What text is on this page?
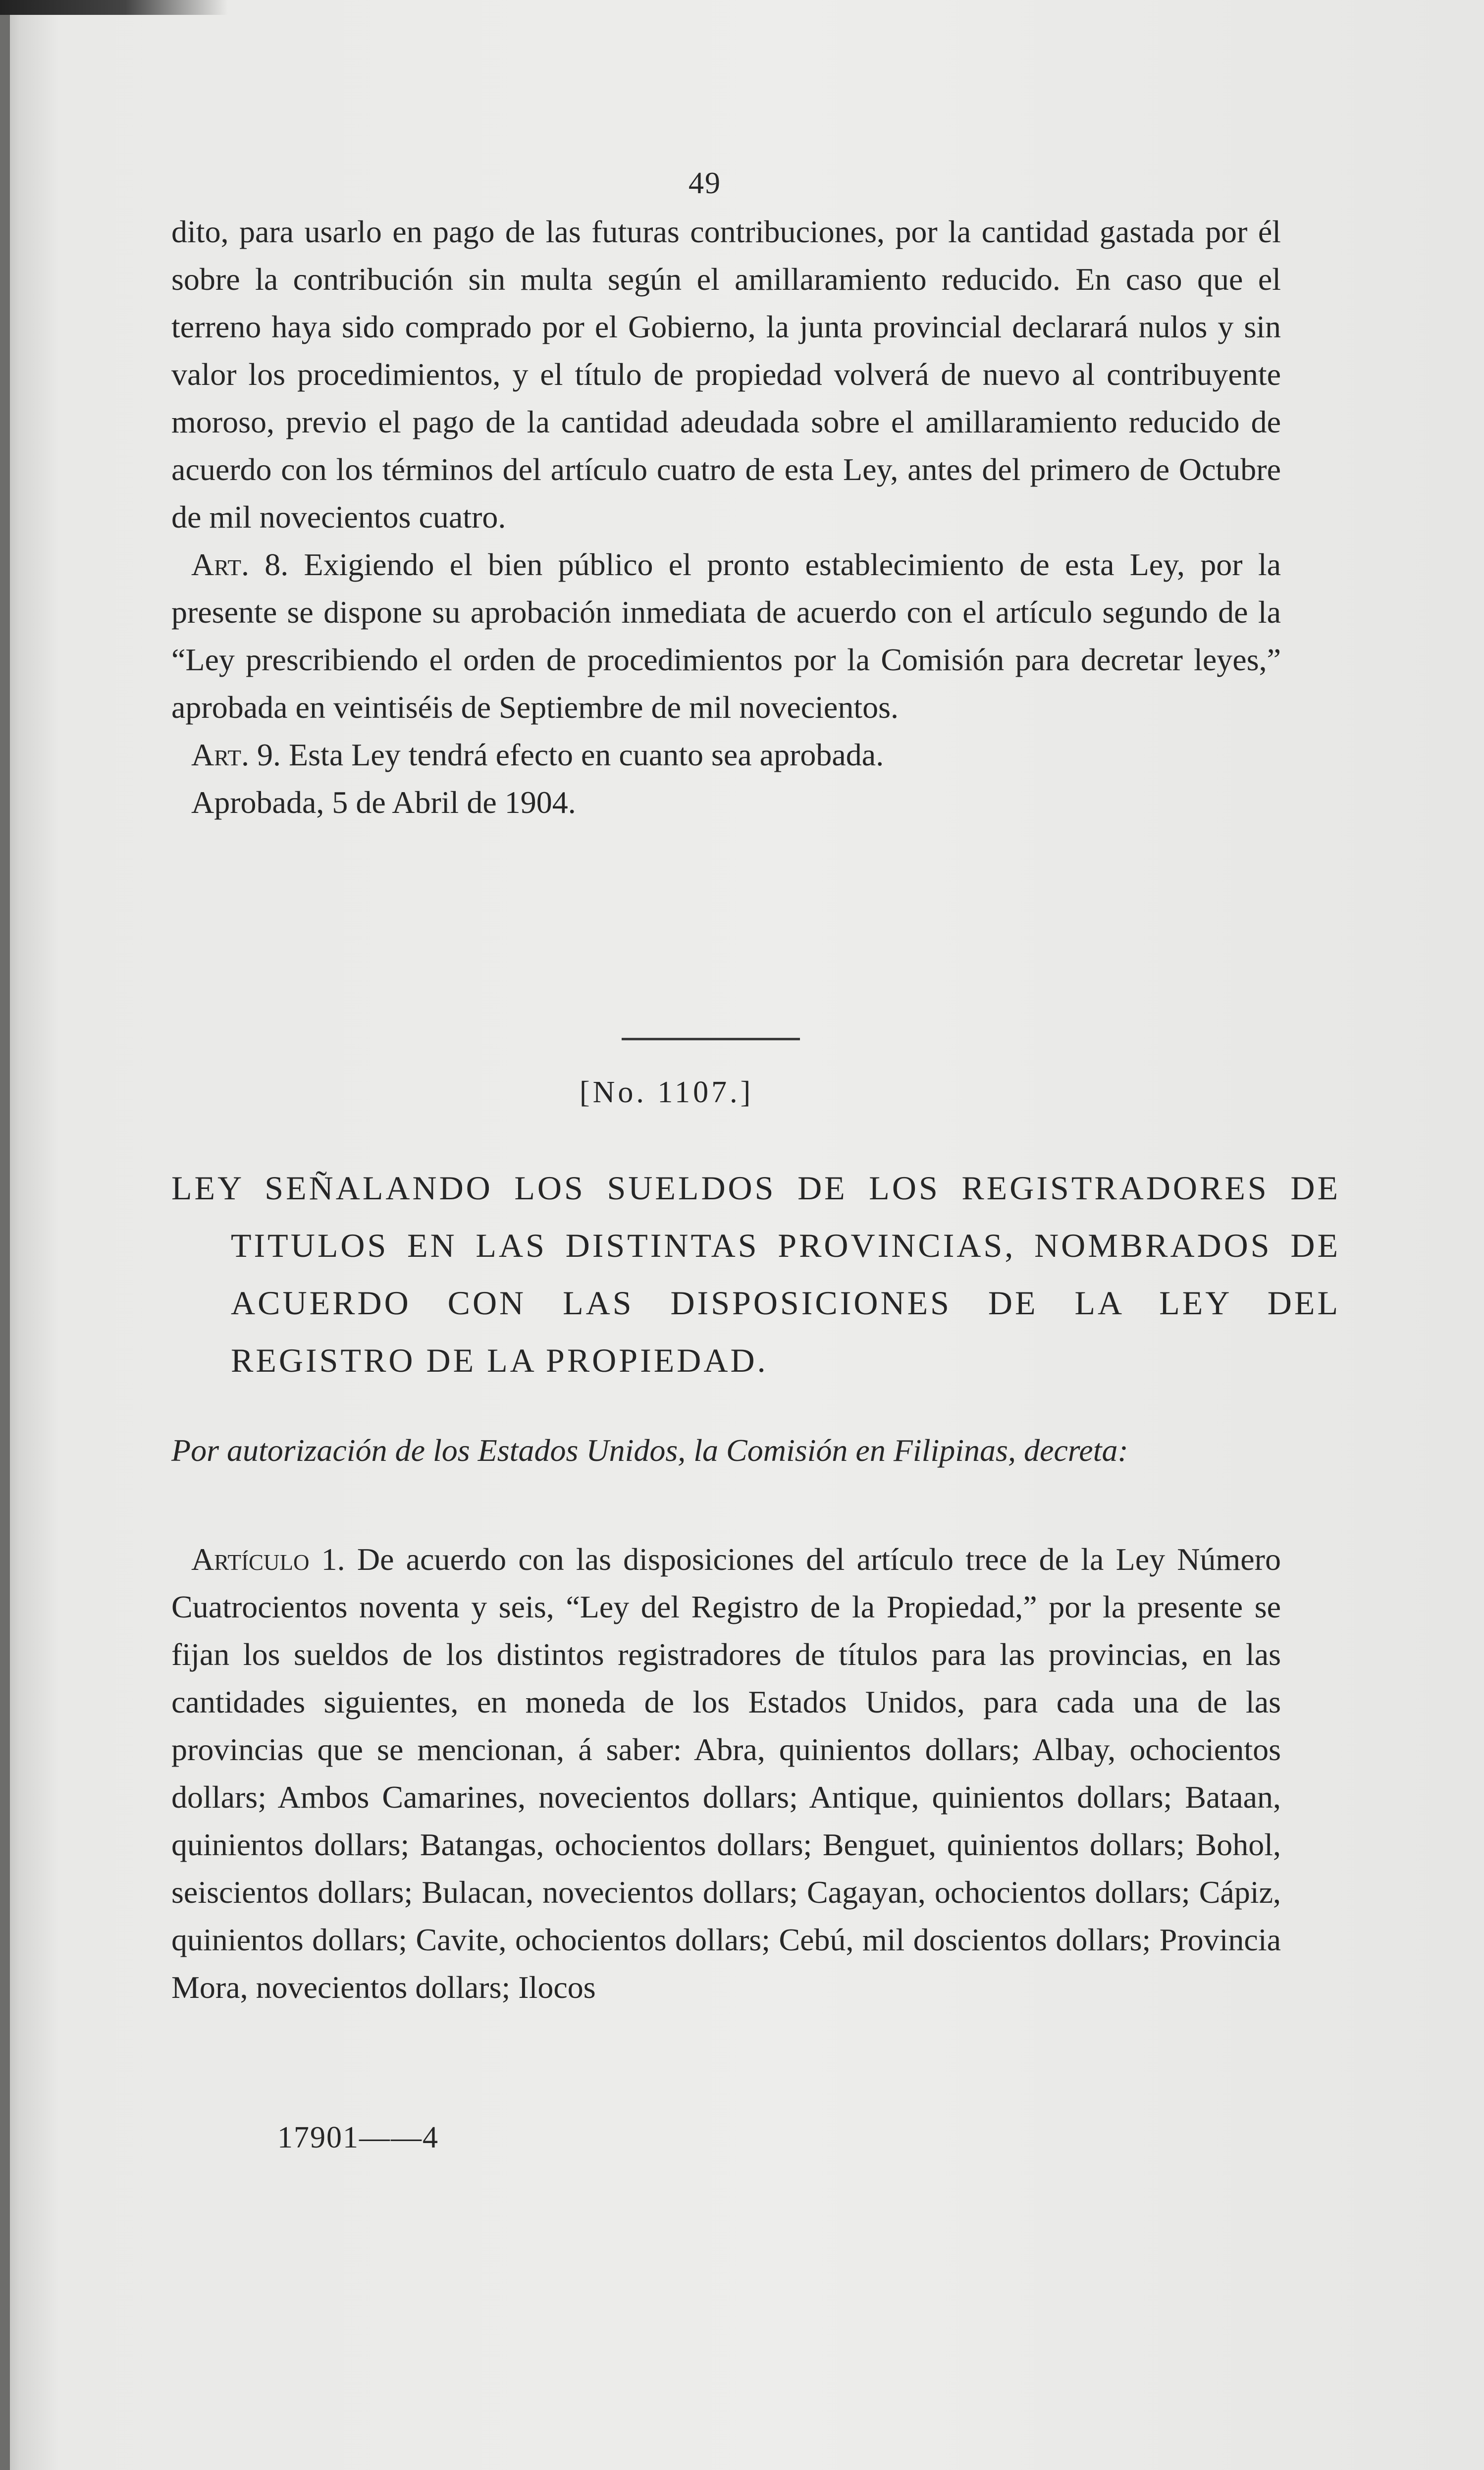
49

dito, para usarlo en pago de las futuras contribuciones, por la cantidad gastada por él sobre la contribución sin multa según el amillaramiento reducido. En caso que el terreno haya sido comprado por el Gobierno, la junta provincial declarará nulos y sin valor los procedimientos, y el título de propiedad volverá de nuevo al contribuyente moroso, previo el pago de la cantidad adeudada sobre el amillaramiento reducido de acuerdo con los términos del artículo cuatro de esta Ley, antes del primero de Octubre de mil novecientos cuatro.

Art. 8. Exigiendo el bien público el pronto establecimiento de esta Ley, por la presente se dispone su aprobación inmediata de acuerdo con el artículo segundo de la “Ley prescribiendo el orden de procedimientos por la Comisión para decretar leyes,” aprobada en veintiséis de Septiembre de mil novecientos.

Art. 9. Esta Ley tendrá efecto en cuanto sea aprobada.

Aprobada, 5 de Abril de 1904.

[No. 1107.]

LEY SEÑALANDO LOS SUELDOS DE LOS REGISTRADORES DE TITULOS EN LAS DISTINTAS PROVINCIAS, NOMBRADOS DE ACUERDO CON LAS DISPOSICIONES DE LA LEY DEL REGISTRO DE LA PROPIEDAD.

Por autorización de los Estados Unidos, la Comisión en Filipinas, decreta:

Artículo 1. De acuerdo con las disposiciones del artículo trece de la Ley Número Cuatrocientos noventa y seis, “Ley del Registro de la Propiedad,” por la presente se fijan los sueldos de los distintos registradores de títulos para las provincias, en las cantidades siguientes, en moneda de los Estados Unidos, para cada una de las provincias que se mencionan, á saber: Abra, quinientos dollars; Albay, ochocientos dollars; Ambos Camarines, novecientos dollars; Antique, quinientos dollars; Bataan, quinientos dollars; Batangas, ochocientos dollars; Benguet, quinientos dollars; Bohol, seiscientos dollars; Bulacan, novecientos dollars; Cagayan, ochocientos dollars; Cápiz, quinientos dollars; Cavite, ochocientos dollars; Cebú, mil doscientos dollars; Provincia Mora, novecientos dollars; Ilocos

17901——4
